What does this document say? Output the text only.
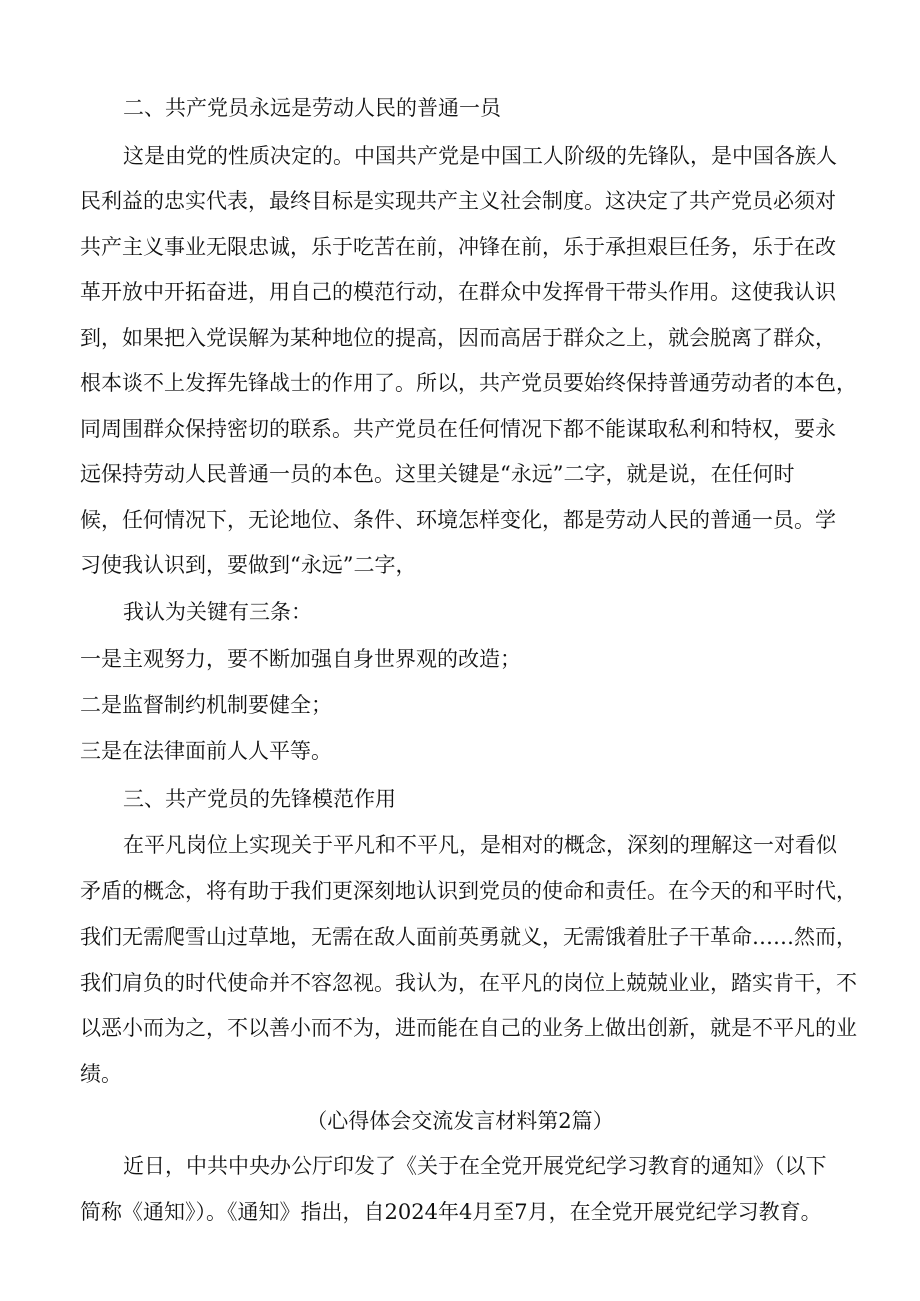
二、共产党员永远是劳动人民的普通一员
这是由党的性质决定的。中国共产党是中国工人阶级的先锋队，是中国各族人
民利益的忠实代表，最终目标是实现共产主义社会制度。这决定了共产党员必须对
共产主义事业无限忠诚，乐于吃苦在前，冲锋在前，乐于承担艰巨任务，乐于在改
革开放中开拓奋进，用自己的模范行动，在群众中发挥骨干带头作用。这使我认识
到，如果把入党误解为某种地位的提高，因而高居于群众之上，就会脱离了群众，
根本谈不上发挥先锋战士的作用了。所以，共产党员要始终保持普通劳动者的本色，
同周围群众保持密切的联系。共产党员在任何情况下都不能谋取私利和特权，要永
远保持劳动人民普通一员的本色。这里关键是“永远”二字，就是说，在任何时
候，任何情况下，无论地位、条件、环境怎样变化，都是劳动人民的普通一员。学
习使我认识到，要做到“永远”二字，
我认为关键有三条：
一是主观努力，要不断加强自身世界观的改造；
二是监督制约机制要健全；
三是在法律面前人人平等。
三、共产党员的先锋模范作用
在平凡岗位上实现关于平凡和不平凡，是相对的概念，深刻的理解这一对看似
矛盾的概念，将有助于我们更深刻地认识到党员的使命和责任。在今天的和平时代，
我们无需爬雪山过草地，无需在敌人面前英勇就义，无需饿着肚子干革命……然而，
我们肩负的时代使命并不容忽视。我认为，在平凡的岗位上兢兢业业，踏实肯干，不
以恶小而为之，不以善小而不为，进而能在自己的业务上做出创新，就是不平凡的业
绩。
（心得体会交流发言材料第2篇）
近日，中共中央办公厅印发了《关于在全党开展党纪学习教育的通知》（以下
简称《通知》）。《通知》指出，自2024年4月至7月，在全党开展党纪学习教育。
